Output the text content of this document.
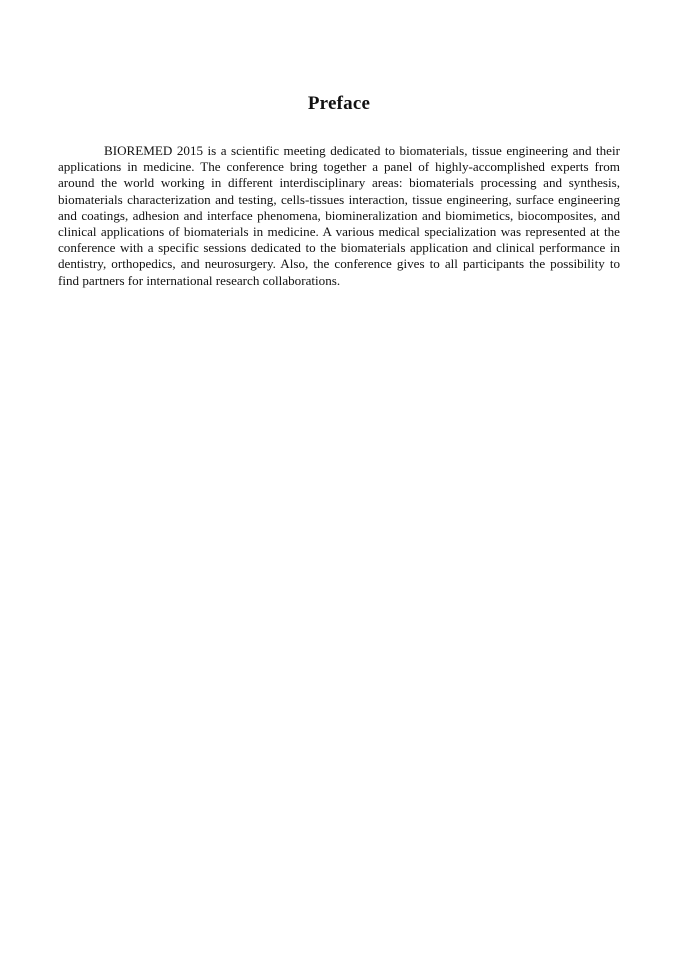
Preface

BIOREMED 2015 is a scientific meeting dedicated to biomaterials, tissue engineering and their applications in medicine. The conference bring together a panel of highly-accomplished experts from around the world working in different interdisciplinary areas: biomaterials processing and synthesis, biomaterials characterization and testing, cells-tissues interaction, tissue engineering, surface engineering and coatings, adhesion and interface phenomena, biomineralization and biomimetics, biocomposites, and clinical applications of biomaterials in medicine. A various medical specialization was represented at the conference with a specific sessions dedicated to the biomaterials application and clinical performance in dentistry, orthopedics, and neurosurgery. Also, the conference gives to all participants the possibility to find partners for international research collaborations.
